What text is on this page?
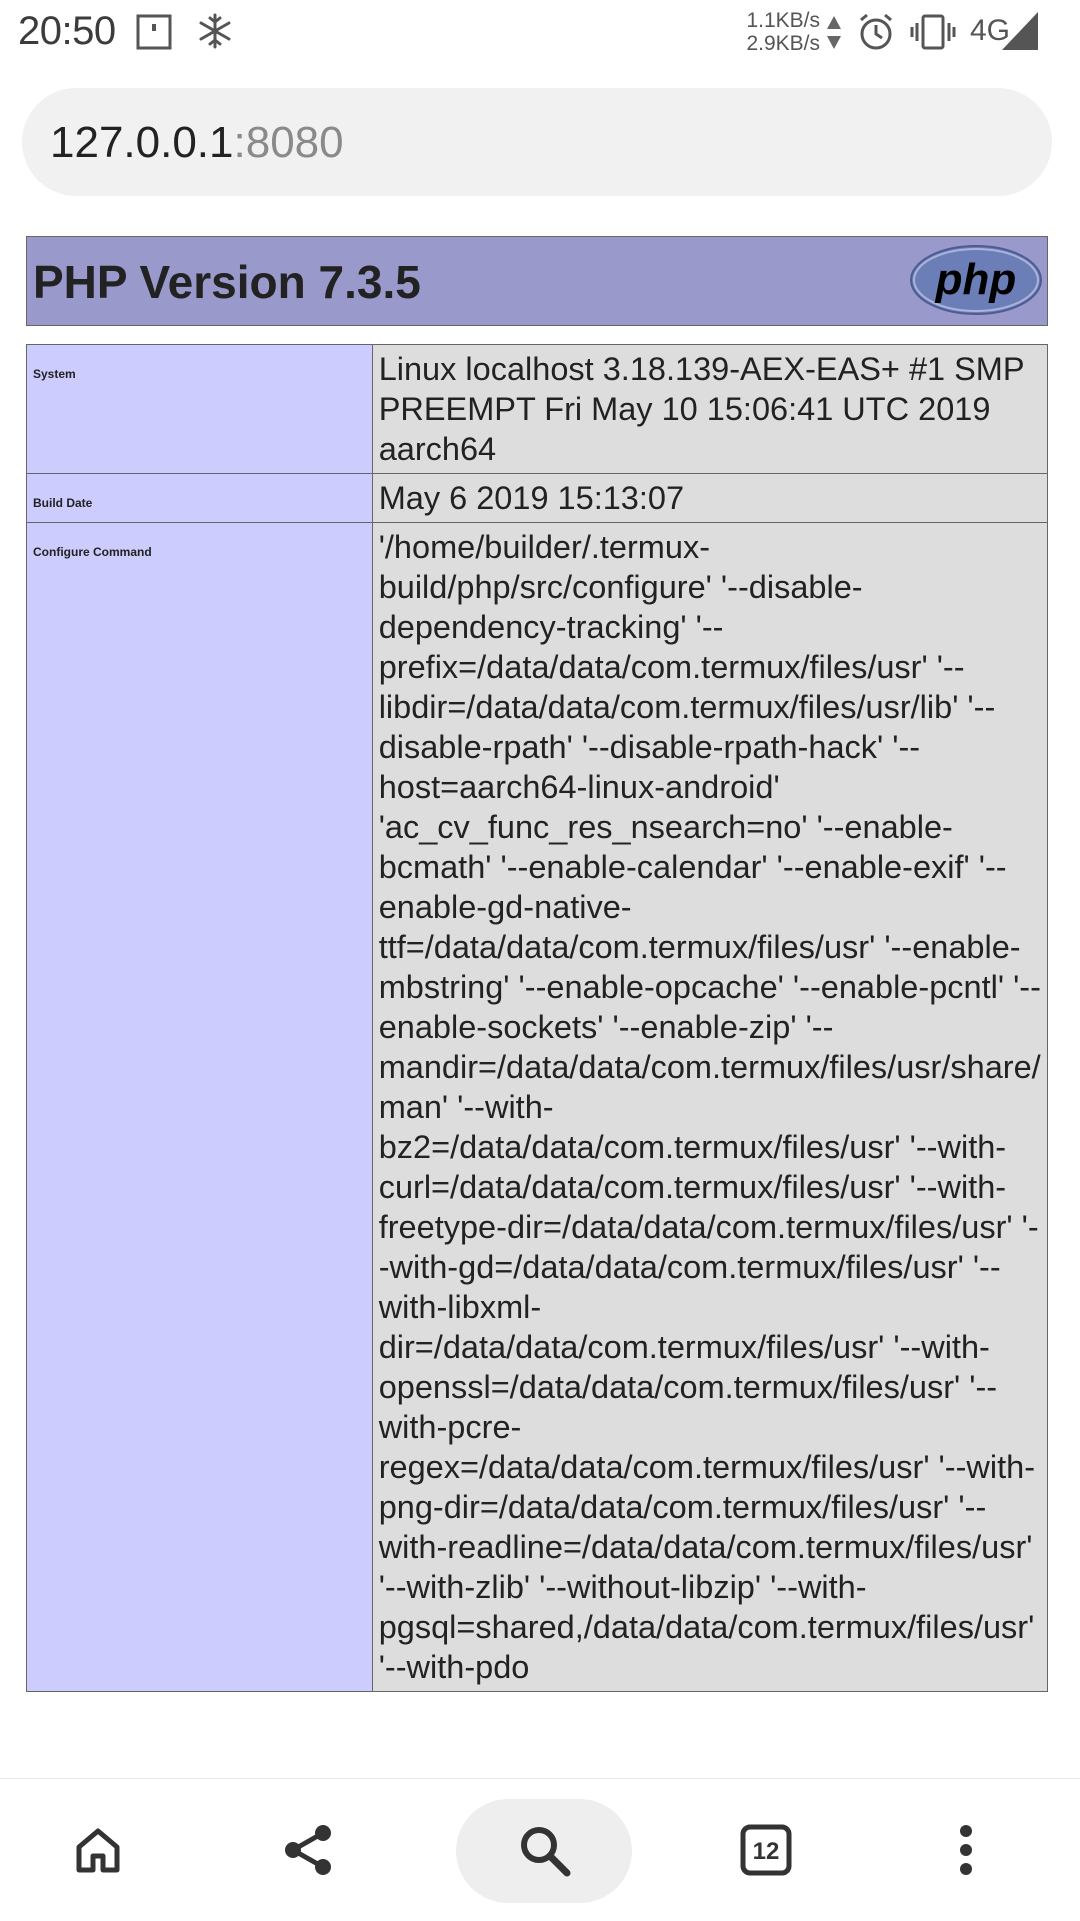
20:50	1.1KB/s
2.9KB/s	4G
127.0.0.1:8080
PHP Version 7.3.5	php
System	Linux localhost 3.18.139-AEX-EAS+ #1 SMP PREEMPT Fri May 10 15:06:41 UTC 2019 aarch64
Build Date	May 6 2019 15:13:07
Configure Command	'/home/builder/.termux-build/php/src/configure' '--disable-dependency-tracking' '--prefix=/data/data/com.termux/files/usr' '--libdir=/data/data/com.termux/files/usr/lib' '--disable-rpath' '--disable-rpath-hack' '--host=aarch64-linux-android' 'ac_cv_func_res_nsearch=no' '--enable-bcmath' '--enable-calendar' '--enable-exif' '--enable-gd-native-ttf=/data/data/com.termux/files/usr' '--enable-mbstring' '--enable-opcache' '--enable-pcntl' '--enable-sockets' '--enable-zip' '--mandir=/data/data/com.termux/files/usr/share/man' '--with-bz2=/data/data/com.termux/files/usr' '--with-curl=/data/data/com.termux/files/usr' '--with-freetype-dir=/data/data/com.termux/files/usr' '--with-gd=/data/data/com.termux/files/usr' '--with-libxml-dir=/data/data/com.termux/files/usr' '--with-openssl=/data/data/com.termux/files/usr' '--with-pcre-regex=/data/data/com.termux/files/usr' '--with-png-dir=/data/data/com.termux/files/usr' '--with-readline=/data/data/com.termux/files/usr' '--with-zlib' '--without-libzip' '--with-pgsql=shared,/data/data/com.termux/files/usr' '--with-pdo
12
